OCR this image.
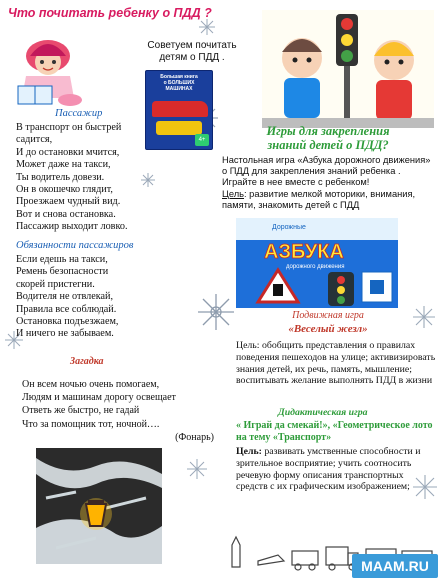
Что почитать ребенку о ПДД ?
Советуем почитать
детям о ПДД .
Большая книга
о БОЛЬШИХ
МАШИНАХ
4+
Пассажир
В транспорт он быстрей
садится,
И до остановки мчится,
Может даже на такси,
Ты водитель довези.
Он в окошечко глядит,
Проезжаем чудный вид.
Вот и снова остановка.
Пассажир выходит ловко.
Обязанности пассажиров
Если едешь на такси,
Ремень безопасности
скорей пристегни.
Водителя не отвлекай,
Правила все соблюдай.
Остановка подъезжаем,
И ничего не забываем.
Загадка
Он всем ночью очень помогаем,
Людям и машинам дорогу освещает
Ответь же быстро, не гадай
Что за помощник тот, ночной….
(Фонарь)
Игры для закрепления
знаний детей о ПДД?
Настольная игра «Азбука дорожного движения» о ПДД для закрепления знаний ребенка . Играйте в нее вместе с ребенком!
Цель: развитие мелкой моторики, внимания, памяти, знакомить детей с ПДД
Дорожные
АЗБУКА
дорожного движения
Подвижная игра
«Веселый жезл»
Цель: обобщить представления о правилах поведения пешеходов на улице; активизировать знания детей, их речь, память, мышление; воспитывать желание выполнять ПДД в жизни
Дидактическая игра
« Играй да смекай!», «Геометрическое лото на тему «Транспорт»
Цель: развивать умственные способности и зрительное восприятие; учить соотносить речевую форму описания транспортных средств с их графическим изображением;
MAAM.RU
